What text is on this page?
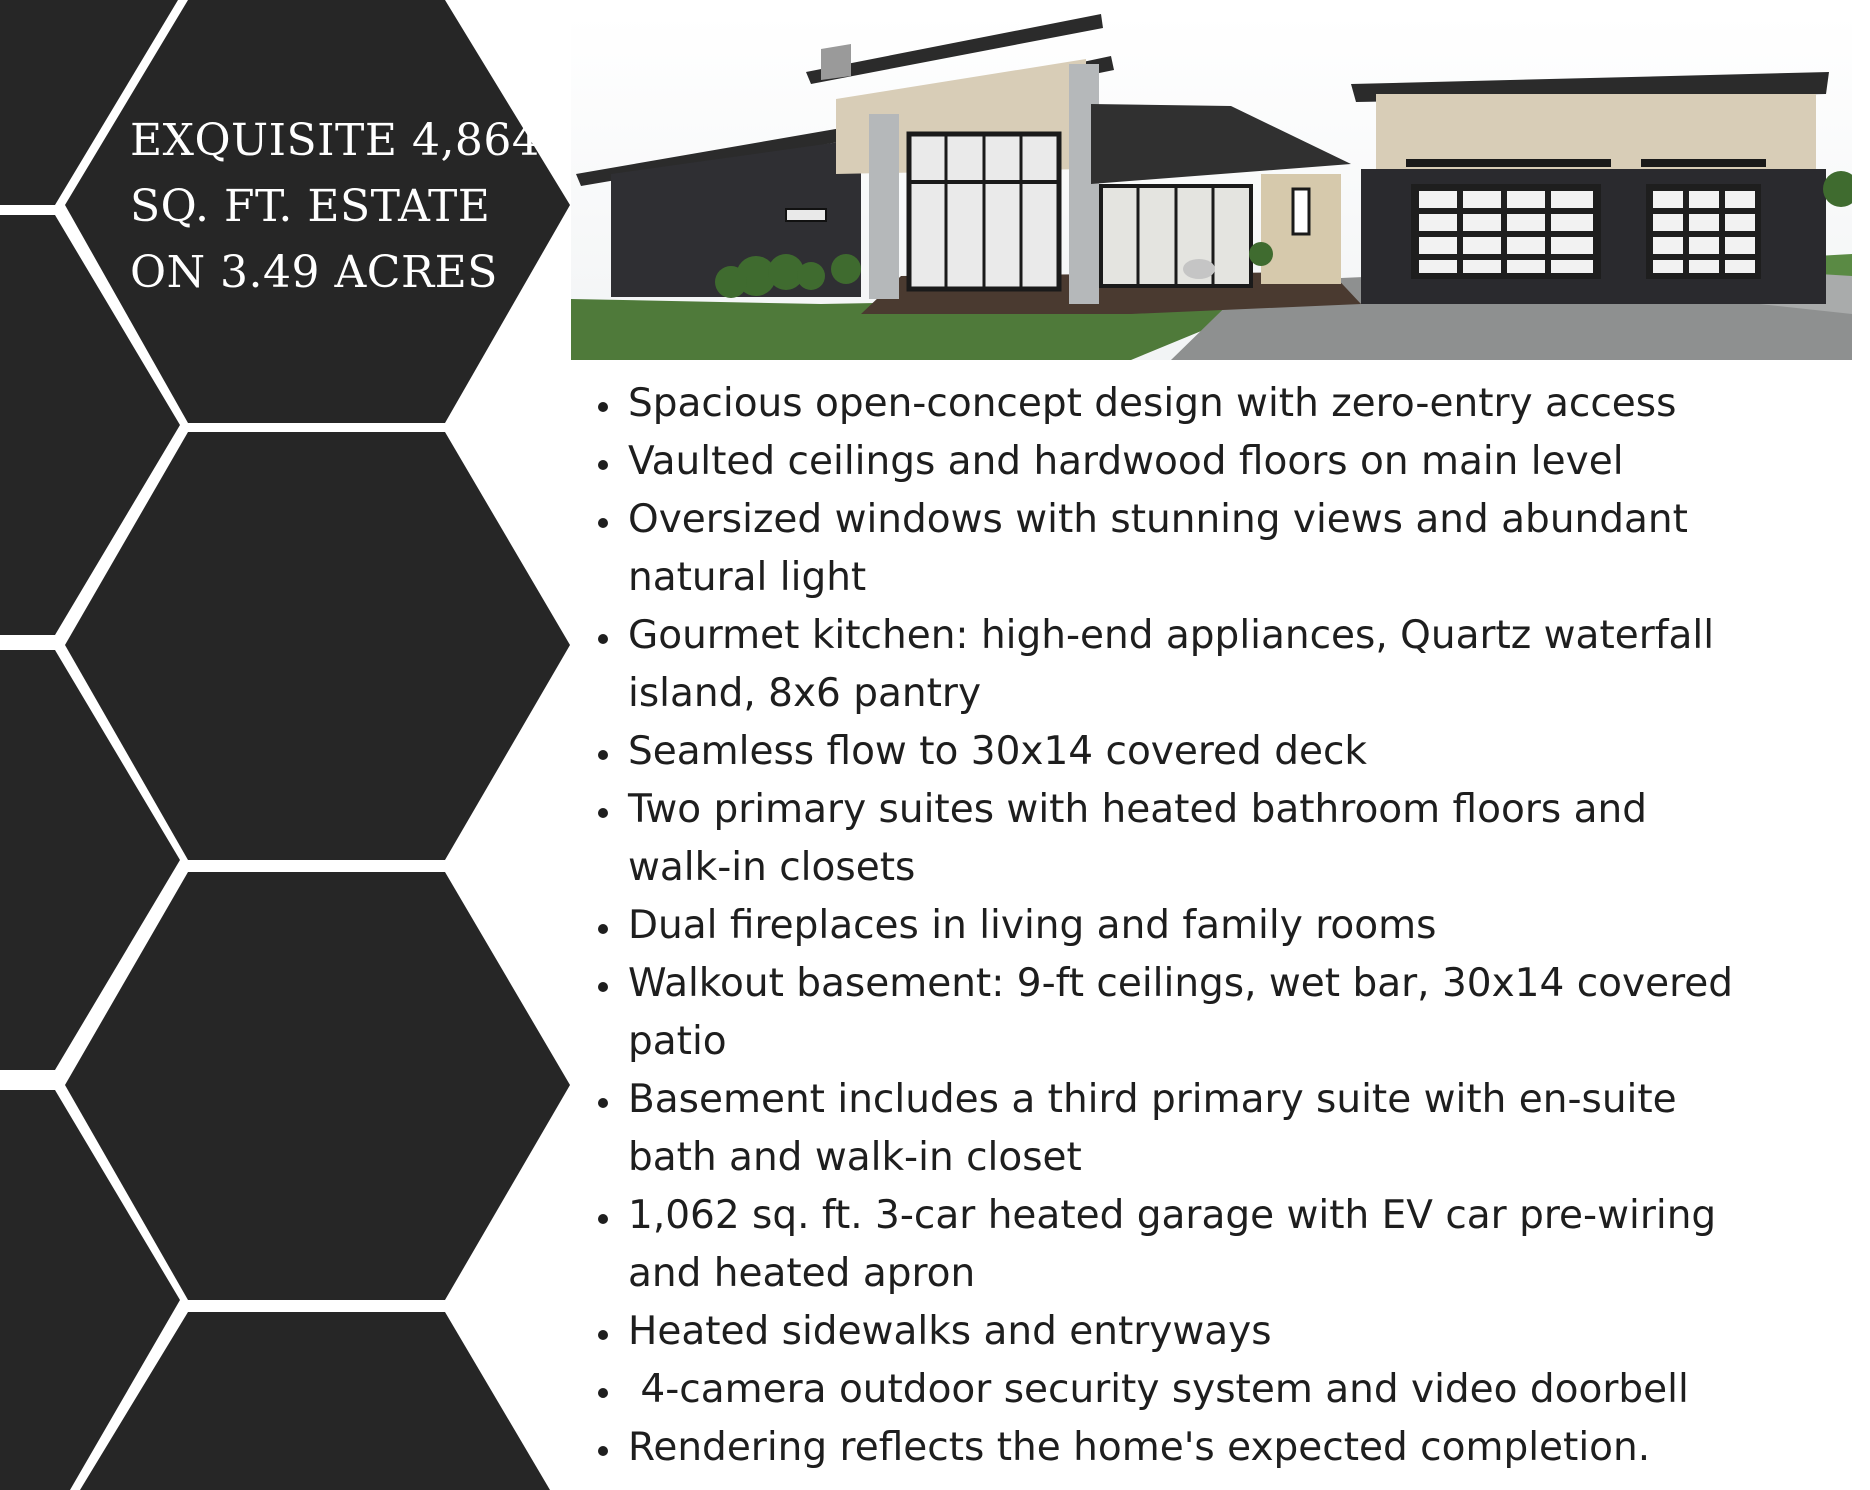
EXQUISITE 4,864
SQ. FT. ESTATE
ON 3.49 ACRES
Spacious open-concept design with zero-entry access
Vaulted ceilings and hardwood floors on main level
Oversized windows with stunning views and abundant
natural light
Gourmet kitchen: high-end appliances, Quartz waterfall
island, 8x6 pantry
Seamless flow to 30x14 covered deck
Two primary suites with heated bathroom floors and
walk-in closets
Dual fireplaces in living and family rooms
Walkout basement: 9-ft ceilings, wet bar, 30x14 covered
patio
Basement includes a third primary suite with en-suite
bath and walk-in closet
1,062 sq. ft. 3-car heated garage with EV car pre-wiring
and heated apron
Heated sidewalks and entryways
4-camera outdoor security system and video doorbell
Rendering reflects the home's expected completion.
